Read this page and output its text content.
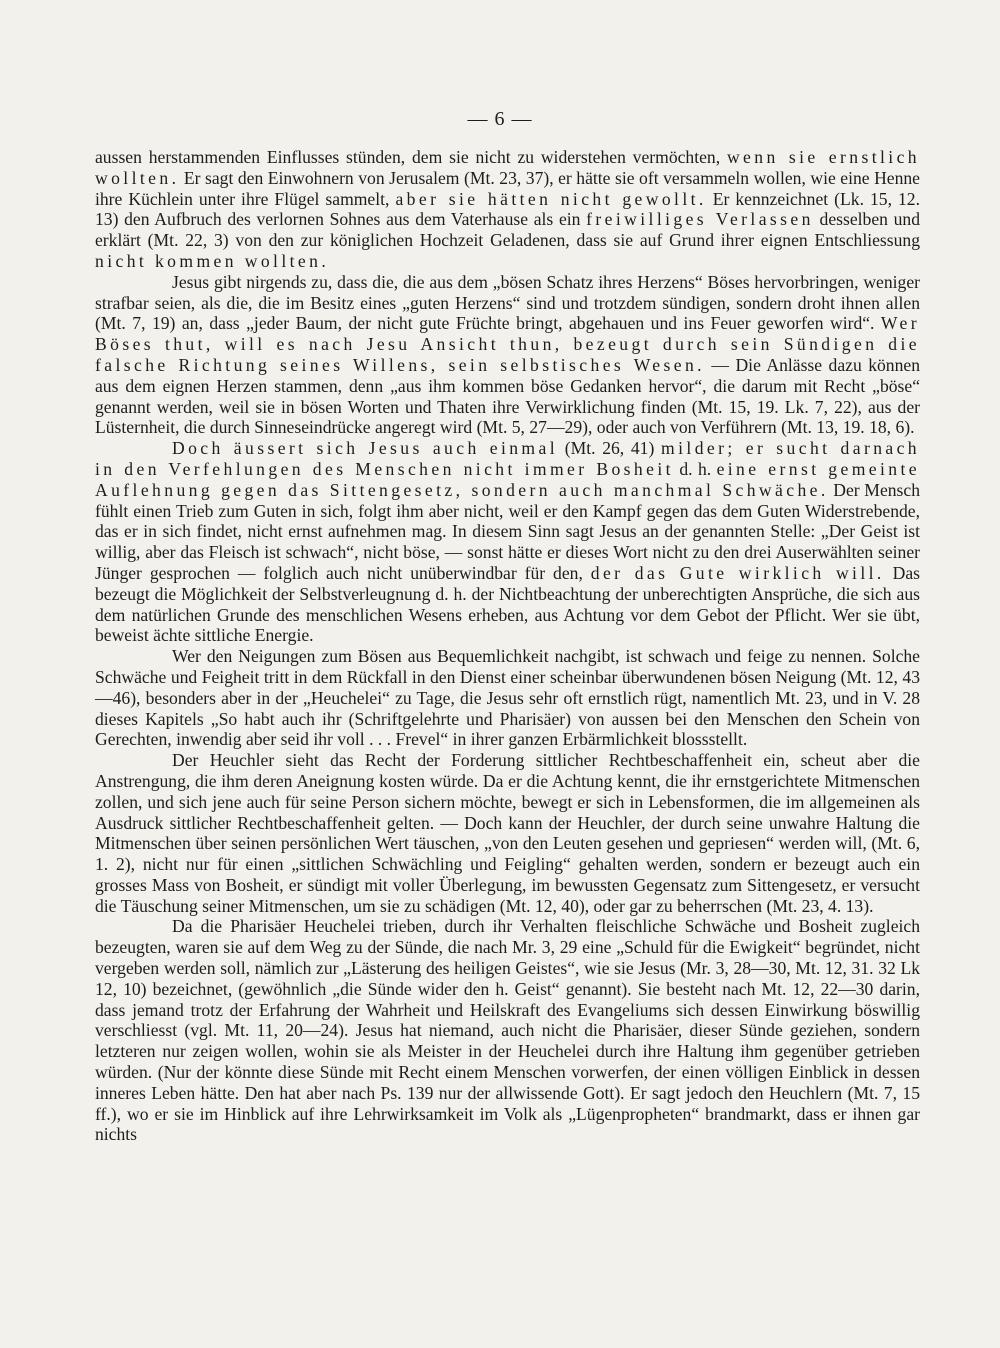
— 6 —

aussen herstammenden Einflusses stünden, dem sie nicht zu widerstehen vermöchten, wenn sie ernstlich wollten. Er sagt den Einwohnern von Jerusalem (Mt. 23, 37), er hätte sie oft versammeln wollen, wie eine Henne ihre Küchlein unter ihre Flügel sammelt, aber sie hätten nicht gewollt. Er kennzeichnet (Lk. 15, 12. 13) den Aufbruch des verlornen Sohnes aus dem Vaterhause als ein freiwilliges Verlassen desselben und erklärt (Mt. 22, 3) von den zur königlichen Hochzeit Geladenen, dass sie auf Grund ihrer eignen Entschliessung nicht kommen wollten.

Jesus gibt nirgends zu, dass die, die aus dem „bösen Schatz ihres Herzens“ Böses hervorbringen, weniger strafbar seien, als die, die im Besitz eines „guten Herzens“ sind und trotzdem sündigen, sondern droht ihnen allen (Mt. 7, 19) an, dass „jeder Baum, der nicht gute Früchte bringt, abgehauen und ins Feuer geworfen wird“. Wer Böses thut, will es nach Jesu Ansicht thun, bezeugt durch sein Sündigen die falsche Richtung seines Willens, sein selbstisches Wesen. — Die Anlässe dazu können aus dem eignen Herzen stammen, denn „aus ihm kommen böse Gedanken hervor“, die darum mit Recht „böse“ genannt werden, weil sie in bösen Worten und Thaten ihre Verwirklichung finden (Mt. 15, 19. Lk. 7, 22), aus der Lüsternheit, die durch Sinneseindrücke angeregt wird (Mt. 5, 27—29), oder auch von Verführern (Mt. 13, 19. 18, 6).

Doch äussert sich Jesus auch einmal (Mt. 26, 41) milder; er sucht darnach in den Verfehlungen des Menschen nicht immer Bosheit d. h. eine ernst gemeinte Auflehnung gegen das Sittengesetz, sondern auch manchmal Schwäche. Der Mensch fühlt einen Trieb zum Guten in sich, folgt ihm aber nicht, weil er den Kampf gegen das dem Guten Widerstrebende, das er in sich findet, nicht ernst aufnehmen mag. In diesem Sinn sagt Jesus an der genannten Stelle: „Der Geist ist willig, aber das Fleisch ist schwach“, nicht böse, — sonst hätte er dieses Wort nicht zu den drei Auserwählten seiner Jünger gesprochen — folglich auch nicht unüberwindbar für den, der das Gute wirklich will. Das bezeugt die Möglichkeit der Selbstverleugnung d. h. der Nichtbeachtung der unberechtigten Ansprüche, die sich aus dem natürlichen Grunde des menschlichen Wesens erheben, aus Achtung vor dem Gebot der Pflicht. Wer sie übt, beweist ächte sittliche Energie.

Wer den Neigungen zum Bösen aus Bequemlichkeit nachgibt, ist schwach und feige zu nennen. Solche Schwäche und Feigheit tritt in dem Rückfall in den Dienst einer scheinbar überwundenen bösen Neigung (Mt. 12, 43—46), besonders aber in der „Heuchelei“ zu Tage, die Jesus sehr oft ernstlich rügt, namentlich Mt. 23, und in V. 28 dieses Kapitels „So habt auch ihr (Schriftgelehrte und Pharisäer) von aussen bei den Menschen den Schein von Gerechten, inwendig aber seid ihr voll . . . Frevel“ in ihrer ganzen Erbärmlichkeit blossstellt.

Der Heuchler sieht das Recht der Forderung sittlicher Rechtbeschaffenheit ein, scheut aber die Anstrengung, die ihm deren Aneignung kosten würde. Da er die Achtung kennt, die ihr ernstgerichtete Mitmenschen zollen, und sich jene auch für seine Person sichern möchte, bewegt er sich in Lebensformen, die im allgemeinen als Ausdruck sittlicher Rechtbeschaffenheit gelten. — Doch kann der Heuchler, der durch seine unwahre Haltung die Mitmenschen über seinen persönlichen Wert täuschen, „von den Leuten gesehen und gepriesen“ werden will, (Mt. 6, 1. 2), nicht nur für einen „sittlichen Schwächling und Feigling“ gehalten werden, sondern er bezeugt auch ein grosses Mass von Bosheit, er sündigt mit voller Überlegung, im bewussten Gegensatz zum Sittengesetz, er versucht die Täuschung seiner Mitmenschen, um sie zu schädigen (Mt. 12, 40), oder gar zu beherrschen (Mt. 23, 4. 13).

Da die Pharisäer Heuchelei trieben, durch ihr Verhalten fleischliche Schwäche und Bosheit zugleich bezeugten, waren sie auf dem Weg zu der Sünde, die nach Mr. 3, 29 eine „Schuld für die Ewigkeit“ begründet, nicht vergeben werden soll, nämlich zur „Lästerung des heiligen Geistes“, wie sie Jesus (Mr. 3, 28—30, Mt. 12, 31. 32 Lk 12, 10) bezeichnet, (gewöhnlich „die Sünde wider den h. Geist“ genannt). Sie besteht nach Mt. 12, 22—30 darin, dass jemand trotz der Erfahrung der Wahrheit und Heilskraft des Evangeliums sich dessen Einwirkung böswillig verschliesst (vgl. Mt. 11, 20—24). Jesus hat niemand, auch nicht die Pharisäer, dieser Sünde geziehen, sondern letzteren nur zeigen wollen, wohin sie als Meister in der Heuchelei durch ihre Haltung ihm gegenüber getrieben würden. (Nur der könnte diese Sünde mit Recht einem Menschen vorwerfen, der einen völligen Einblick in dessen inneres Leben hätte. Den hat aber nach Ps. 139 nur der allwissende Gott). Er sagt jedoch den Heuchlern (Mt. 7, 15 ff.), wo er sie im Hinblick auf ihre Lehrwirksamkeit im Volk als „Lügenpropheten“ brandmarkt, dass er ihnen gar nichts
